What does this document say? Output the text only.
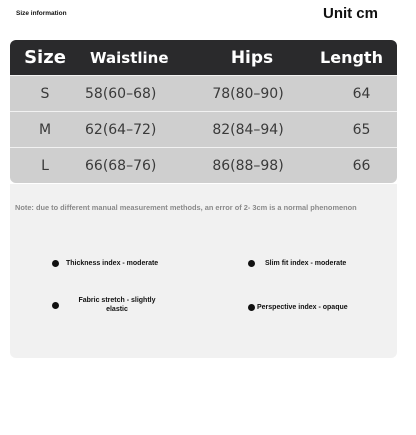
Size information	Unit cm
Size	Waistline	Hips	Length
S	58(60–68)	78(80–90)	64
M	62(64–72)	82(84–94)	65
L	66(68–76)	86(88–98)	66
Note: due to different manual measurement methods, an error of 2- 3cm is a normal phenomenon
Thickness index - moderate	Slim fit index - moderate
Fabric stretch - slightly elastic	Perspective index - opaque
